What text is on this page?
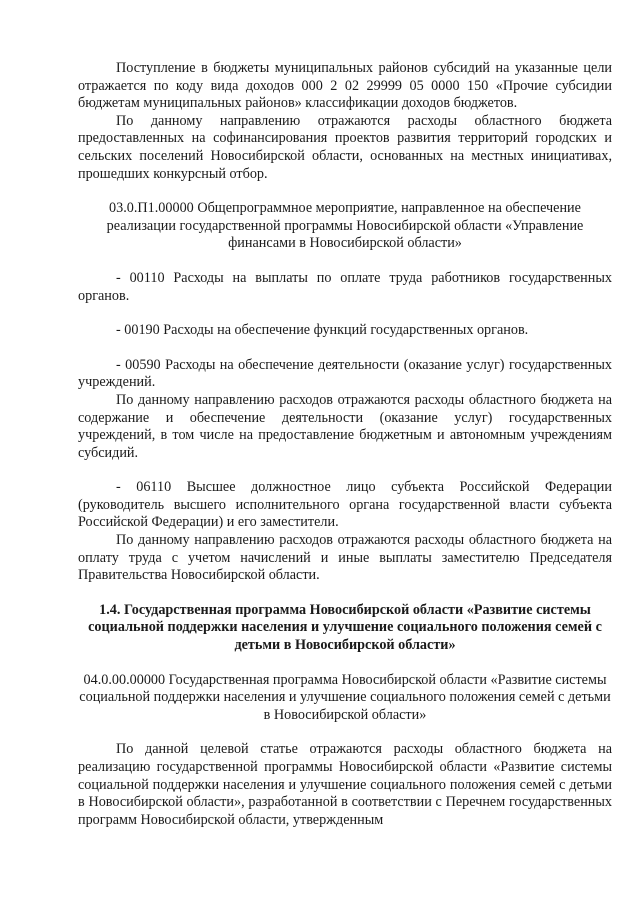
Поступление в бюджеты муниципальных районов субсидий на указанные цели отражается по коду вида доходов 000 2 02 29999 05 0000 150 «Прочие субсидии бюджетам муниципальных районов» классификации доходов бюджетов.

По данному направлению отражаются расходы областного бюджета предоставленных на софинансирования проектов развития территорий городских и сельских поселений Новосибирской области, основанных на местных инициативах, прошедших конкурсный отбор.

03.0.П1.00000 Общепрограммное мероприятие, направленное на обеспечение реализации государственной программы Новосибирской области «Управление финансами в Новосибирской области»

- 00110 Расходы на выплаты по оплате труда работников государственных органов.

- 00190 Расходы на обеспечение функций государственных органов.

- 00590 Расходы на обеспечение деятельности (оказание услуг) государственных учреждений.

По данному направлению расходов отражаются расходы областного бюджета на содержание и обеспечение деятельности (оказание услуг) государственных учреждений, в том числе на предоставление бюджетным и автономным учреждениям субсидий.

- 06110 Высшее должностное лицо субъекта Российской Федерации (руководитель высшего исполнительного органа государственной власти субъекта Российской Федерации) и его заместители.

По данному направлению расходов отражаются расходы областного бюджета на оплату труда с учетом начислений и иные выплаты заместителю Председателя Правительства Новосибирской области.

1.4. Государственная программа Новосибирской области «Развитие системы социальной поддержки населения и улучшение социального положения семей с детьми в Новосибирской области»

04.0.00.00000 Государственная программа Новосибирской области «Развитие системы социальной поддержки населения и улучшение социального положения семей с детьми в Новосибирской области»

По данной целевой статье отражаются расходы областного бюджета на реализацию государственной программы Новосибирской области «Развитие системы социальной поддержки населения и улучшение социального положения семей с детьми в Новосибирской области», разработанной в соответствии с Перечнем государственных программ Новосибирской области, утвержденным
